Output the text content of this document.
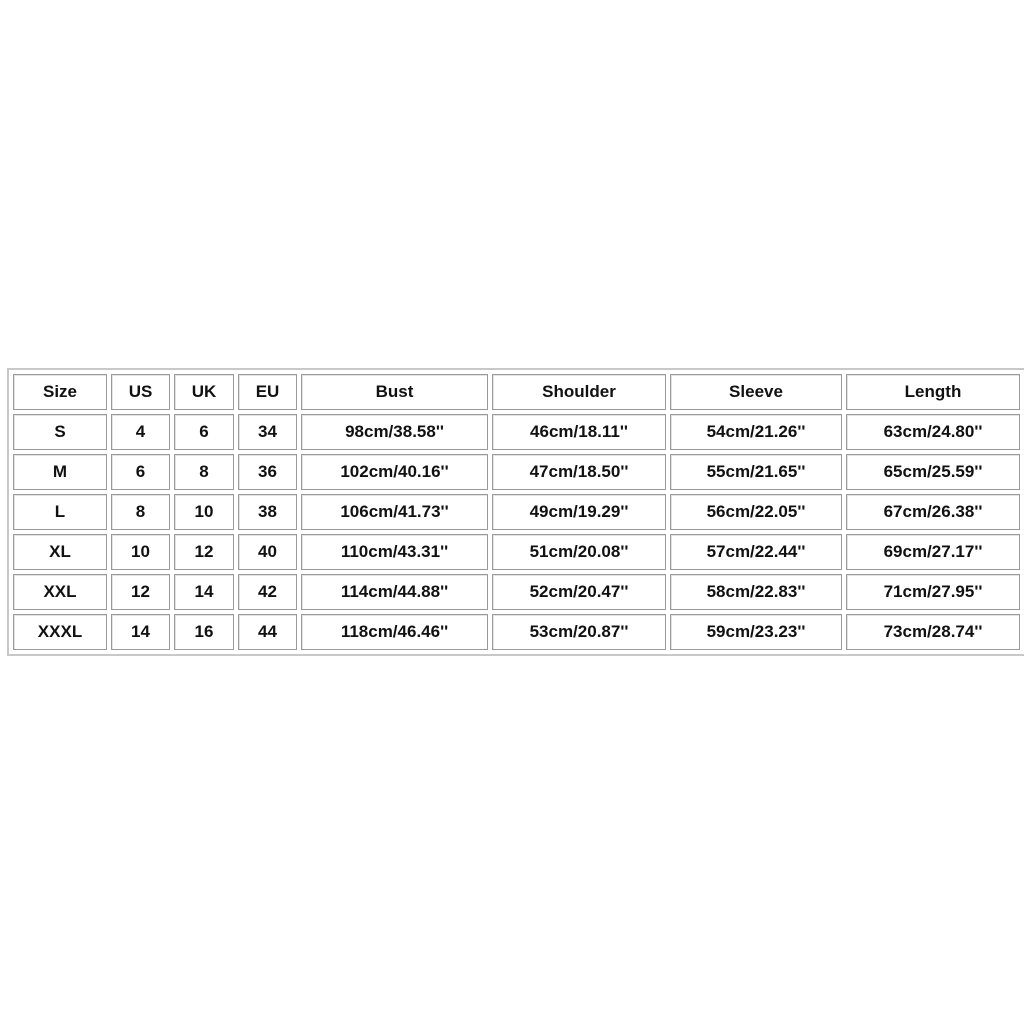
Size	US	UK	EU	Bust	Shoulder	Sleeve	Length
S	4	6	34	98cm/38.58''	46cm/18.11''	54cm/21.26''	63cm/24.80''
M	6	8	36	102cm/40.16''	47cm/18.50''	55cm/21.65''	65cm/25.59''
L	8	10	38	106cm/41.73''	49cm/19.29''	56cm/22.05''	67cm/26.38''
XL	10	12	40	110cm/43.31''	51cm/20.08''	57cm/22.44''	69cm/27.17''
XXL	12	14	42	114cm/44.88''	52cm/20.47''	58cm/22.83''	71cm/27.95''
XXXL	14	16	44	118cm/46.46''	53cm/20.87''	59cm/23.23''	73cm/28.74''
